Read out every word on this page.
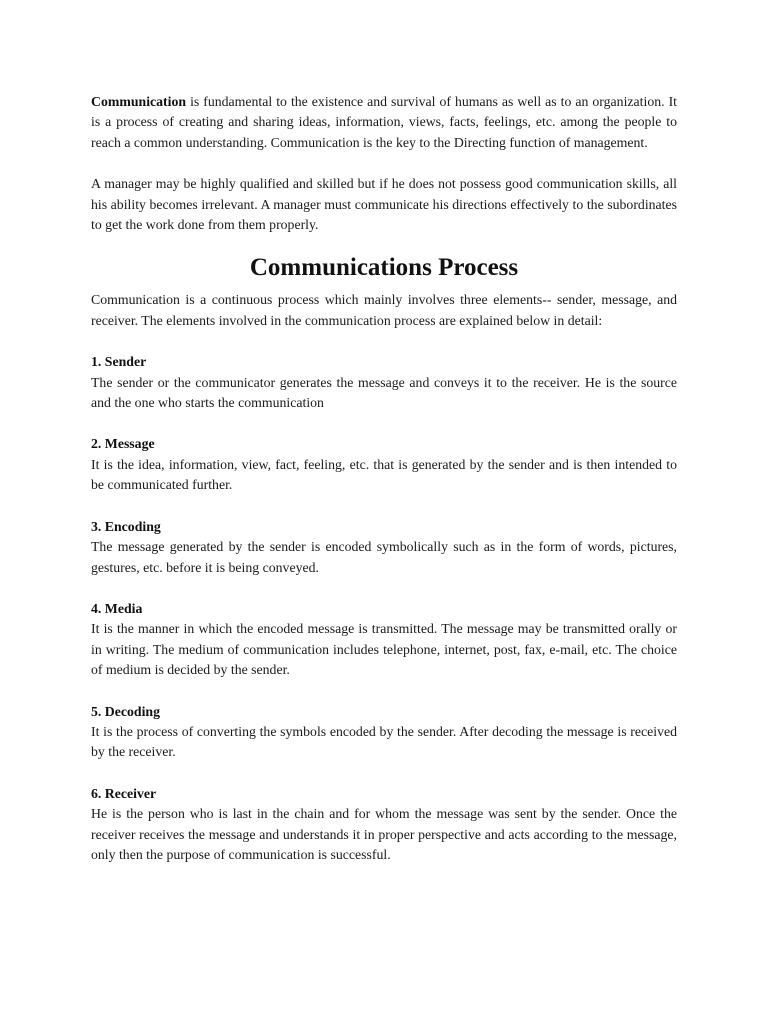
Communication is fundamental to the existence and survival of humans as well as to an organization. It is a process of creating and sharing ideas, information, views, facts, feelings, etc. among the people to reach a common understanding. Communication is the key to the Directing function of management.

A manager may be highly qualified and skilled but if he does not possess good communication skills, all his ability becomes irrelevant. A manager must communicate his directions effectively to the subordinates to get the work done from them properly.

Communications Process

Communication is a continuous process which mainly involves three elements-- sender, message, and receiver. The elements involved in the communication process are explained below in detail:

1. Sender

The sender or the communicator generates the message and conveys it to the receiver. He is the source and the one who starts the communication

2. Message

It is the idea, information, view, fact, feeling, etc. that is generated by the sender and is then intended to be communicated further.

3. Encoding

The message generated by the sender is encoded symbolically such as in the form of words, pictures, gestures, etc. before it is being conveyed.

4. Media

It is the manner in which the encoded message is transmitted. The message may be transmitted orally or in writing. The medium of communication includes telephone, internet, post, fax, e-mail, etc. The choice of medium is decided by the sender.

5. Decoding

It is the process of converting the symbols encoded by the sender. After decoding the message is received by the receiver.

6. Receiver

He is the person who is last in the chain and for whom the message was sent by the sender. Once the receiver receives the message and understands it in proper perspective and acts according to the message, only then the purpose of communication is successful.
